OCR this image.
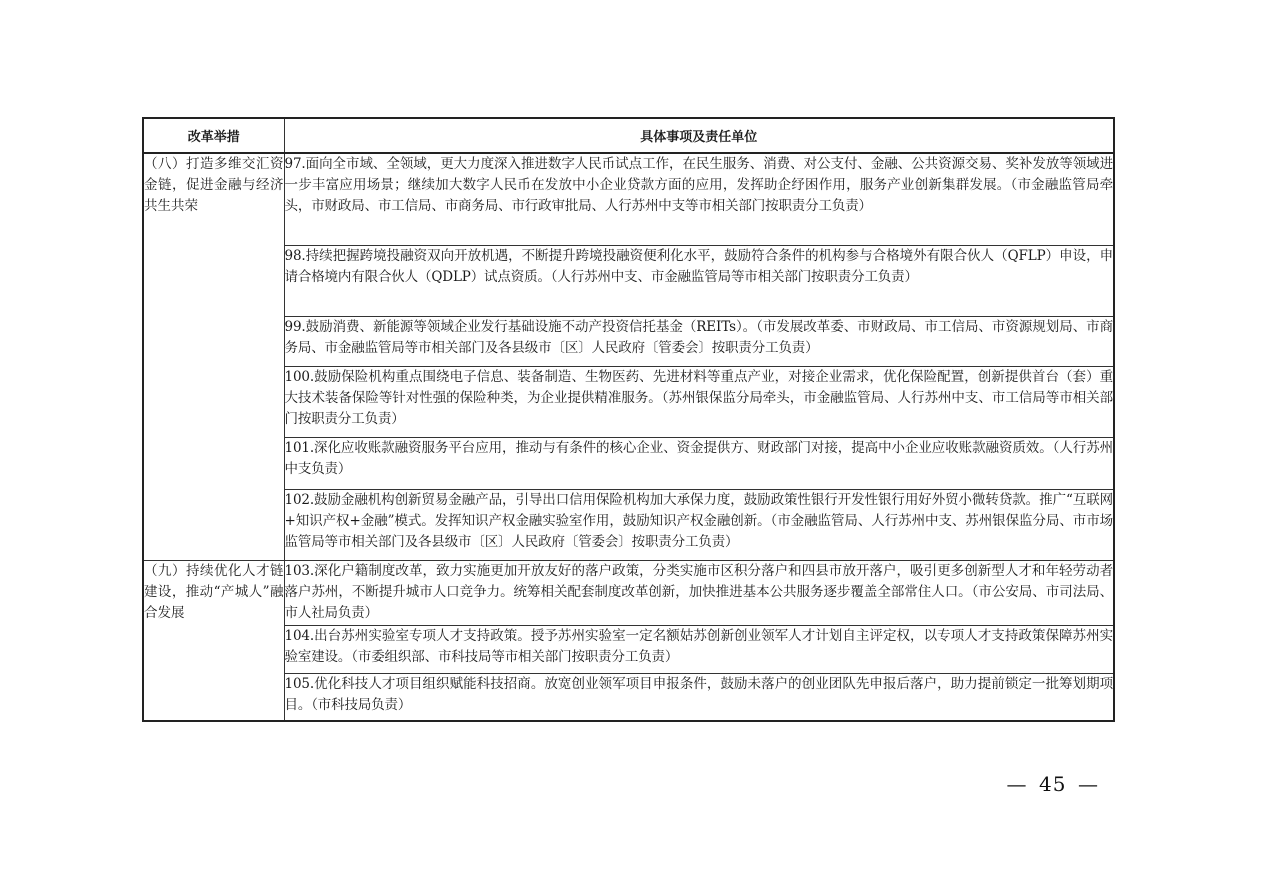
改革举措	具体事项及责任单位
（八）打造多维交汇资金链，促进金融与经济共生共荣	97.面向全市域、全领域，更大力度深入推进数字人民币试点工作，在民生服务、消费、对公支付、金融、公共资源交易、奖补发放等领域进一步丰富应用场景；继续加大数字人民币在发放中小企业贷款方面的应用，发挥助企纾困作用，服务产业创新集群发展。（市金融监管局牵头，市财政局、市工信局、市商务局、市行政审批局、人行苏州中支等市相关部门按职责分工负责）
	98.持续把握跨境投融资双向开放机遇，不断提升跨境投融资便利化水平，鼓励符合条件的机构参与合格境外有限合伙人（QFLP）申设，申请合格境内有限合伙人（QDLP）试点资质。（人行苏州中支、市金融监管局等市相关部门按职责分工负责）
	99.鼓励消费、新能源等领域企业发行基础设施不动产投资信托基金（REITs）。（市发展改革委、市财政局、市工信局、市资源规划局、市商务局、市金融监管局等市相关部门及各县级市〔区〕人民政府〔管委会〕按职责分工负责）
	100.鼓励保险机构重点围绕电子信息、装备制造、生物医药、先进材料等重点产业，对接企业需求，优化保险配置，创新提供首台（套）重大技术装备保险等针对性强的保险种类，为企业提供精准服务。（苏州银保监分局牵头，市金融监管局、人行苏州中支、市工信局等市相关部门按职责分工负责）
	101.深化应收账款融资服务平台应用，推动与有条件的核心企业、资金提供方、财政部门对接，提高中小企业应收账款融资质效。（人行苏州中支负责）
	102.鼓励金融机构创新贸易金融产品，引导出口信用保险机构加大承保力度，鼓励政策性银行开发性银行用好外贸小微转贷款。推广“互联网+知识产权+金融”模式。发挥知识产权金融实验室作用，鼓励知识产权金融创新。（市金融监管局、人行苏州中支、苏州银保监分局、市市场监管局等市相关部门及各县级市〔区〕人民政府〔管委会〕按职责分工负责）
（九）持续优化人才链建设，推动“产城人”融合发展	103.深化户籍制度改革，致力实施更加开放友好的落户政策，分类实施市区积分落户和四县市放开落户，吸引更多创新型人才和年轻劳动者落户苏州，不断提升城市人口竞争力。统筹相关配套制度改革创新，加快推进基本公共服务逐步覆盖全部常住人口。（市公安局、市司法局、市人社局负责）
	104.出台苏州实验室专项人才支持政策。授予苏州实验室一定名额姑苏创新创业领军人才计划自主评定权，以专项人才支持政策保障苏州实验室建设。（市委组织部、市科技局等市相关部门按职责分工负责）
	105.优化科技人才项目组织赋能科技招商。放宽创业领军项目申报条件，鼓励未落户的创业团队先申报后落户，助力提前锁定一批筹划期项目。（市科技局负责）
— 45 —
